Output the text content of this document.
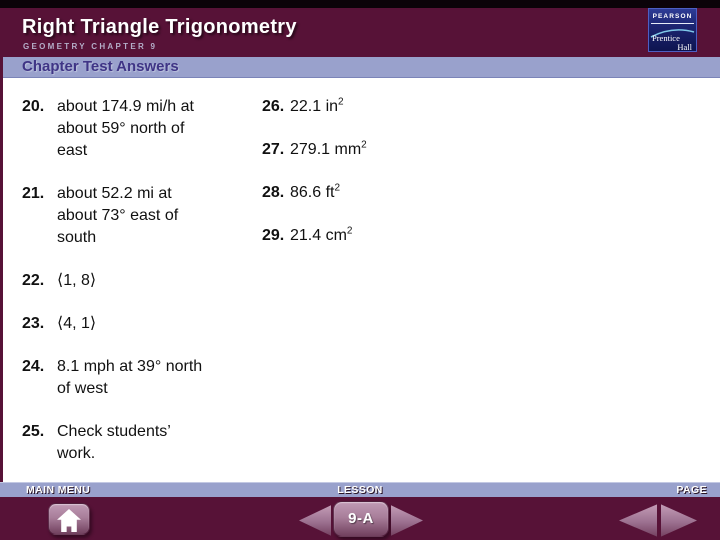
Right Triangle Trigonometry
GEOMETRY CHAPTER 9
PEARSON
Prentice
Hall
Chapter Test Answers
20. about 174.9 mi/h at
about 59° north of
east
21. about 52.2 mi at
about 73° east of
south
22. ⟨1, 8⟩
23. ⟨4, 1⟩
24. 8.1 mph at 39° north
of west
25. Check students’
work.
26. 22.1 $in^2$
27. 279.1 $mm^2$
28. 86.6 $ft^2$
29. 21.4 $cm^2$
MAIN MENU	LESSON	PAGE
9-A
